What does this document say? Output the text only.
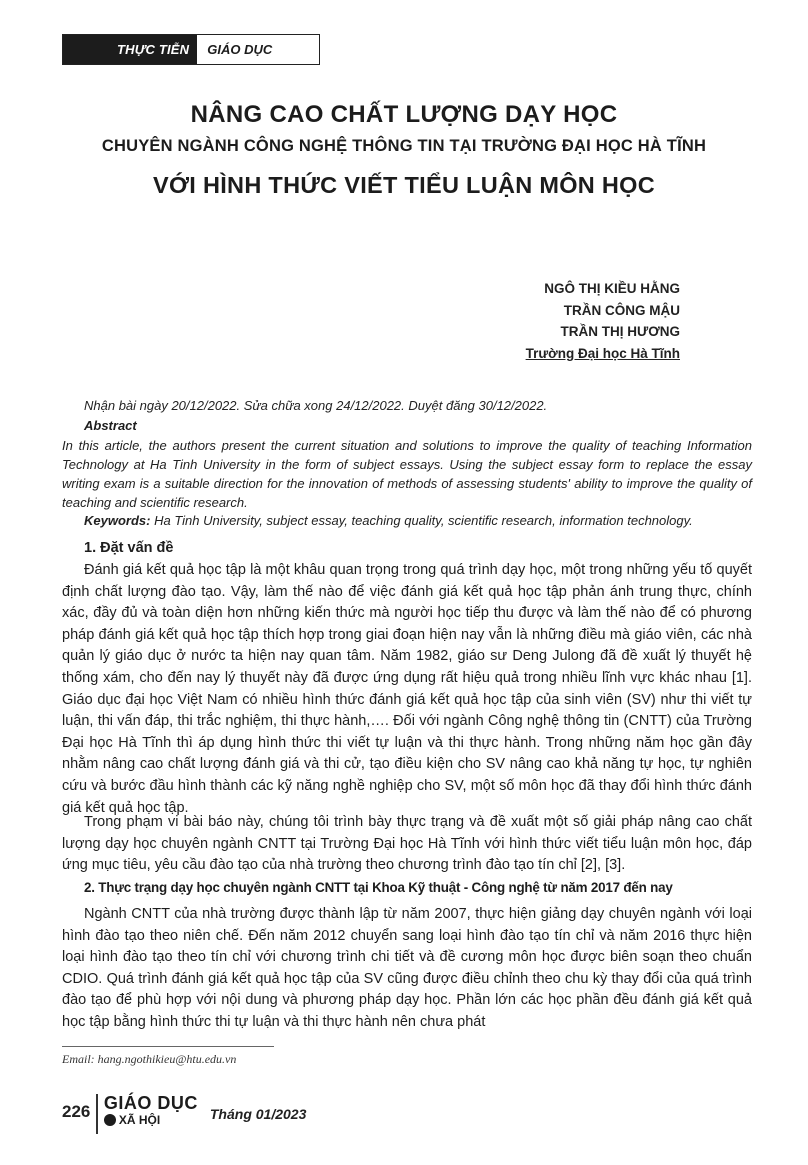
THỰC TIỄN	GIÁO DỤC
NÂNG CAO CHẤT LƯỢNG DẠY HỌC
CHUYÊN NGÀNH CÔNG NGHỆ THÔNG TIN TẠI TRƯỜNG ĐẠI HỌC HÀ TĨNH
VỚI HÌNH THỨC VIẾT TIỂU LUẬN MÔN HỌC
NGÔ THỊ KIỀU HẰNG
TRẦN CÔNG MẬU
TRẦN THỊ HƯƠNG
Trường Đại học Hà Tĩnh
Nhận bài ngày 20/12/2022. Sửa chữa xong 24/12/2022. Duyệt đăng 30/12/2022.
Abstract

In this article, the authors present the current situation and solutions to improve the quality of teaching Information Technology at Ha Tinh University in the form of subject essays. Using the subject essay form to replace the essay writing exam is a suitable direction for the innovation of methods of assessing students' ability to improve the quality of teaching and scientific research.

Keywords: Ha Tinh University, subject essay, teaching quality, scientific research, information technology.
1. Đặt vấn đề

Đánh giá kết quả học tập là một khâu quan trọng trong quá trình dạy học, một trong những yếu tố quyết định chất lượng đào tạo. Vậy, làm thế nào để việc đánh giá kết quả học tập phản ánh trung thực, chính xác, đầy đủ và toàn diện hơn những kiến thức mà người học tiếp thu được và làm thế nào để có phương pháp đánh giá kết quả học tập thích hợp trong giai đoạn hiện nay vẫn là những điều mà giáo viên, các nhà quản lý giáo dục ở nước ta hiện nay quan tâm. Năm 1982, giáo sư Deng Julong đã đề xuất lý thuyết hệ thống xám, cho đến nay lý thuyết này đã được ứng dụng rất hiệu quả trong nhiều lĩnh vực khác nhau [1]. Giáo dục đại học Việt Nam có nhiều hình thức đánh giá kết quả học tập của sinh viên (SV) như thi viết tự luận, thi vấn đáp, thi trắc nghiệm, thi thực hành,…. Đối với ngành Công nghệ thông tin (CNTT) của Trường Đại học Hà Tĩnh thì áp dụng hình thức thi viết tự luận và thi thực hành. Trong những năm học gần đây nhằm nâng cao chất lượng đánh giá và thi cử, tạo điều kiện cho SV nâng cao khả năng tự học, tự nghiên cứu và bước đầu hình thành các kỹ năng nghề nghiệp cho SV, một số môn học đã thay đổi hình thức đánh giá kết quả học tập.

Trong phạm vi bài báo này, chúng tôi trình bày thực trạng và đề xuất một số giải pháp nâng cao chất lượng dạy học chuyên ngành CNTT tại Trường Đại học Hà Tĩnh với hình thức viết tiểu luận môn học, đáp ứng mục tiêu, yêu cầu đào tạo của nhà trường theo chương trình đào tạo tín chỉ [2], [3].

2. Thực trạng dạy học chuyên ngành CNTT tại Khoa Kỹ thuật - Công nghệ từ năm 2017 đến nay

Ngành CNTT của nhà trường được thành lập từ năm 2007, thực hiện giảng dạy chuyên ngành với loại hình đào tạo theo niên chế. Đến năm 2012 chuyển sang loại hình đào tạo tín chỉ và năm 2016 thực hiện loại hình đào tạo theo tín chỉ với chương trình chi tiết và đề cương môn học được biên soạn theo chuẩn CDIO. Quá trình đánh giá kết quả học tập của SV cũng được điều chỉnh theo chu kỳ thay đổi của quá trình đào tạo để phù hợp với nội dung và phương pháp dạy học. Phần lớn các học phần đều đánh giá kết quả học tập bằng hình thức thi tự luận và thi thực hành nên chưa phát

Email: hang.ngothikieu@htu.edu.vn
226 GIÁO DỤC
XÃ HỘI	Tháng 01/2023
